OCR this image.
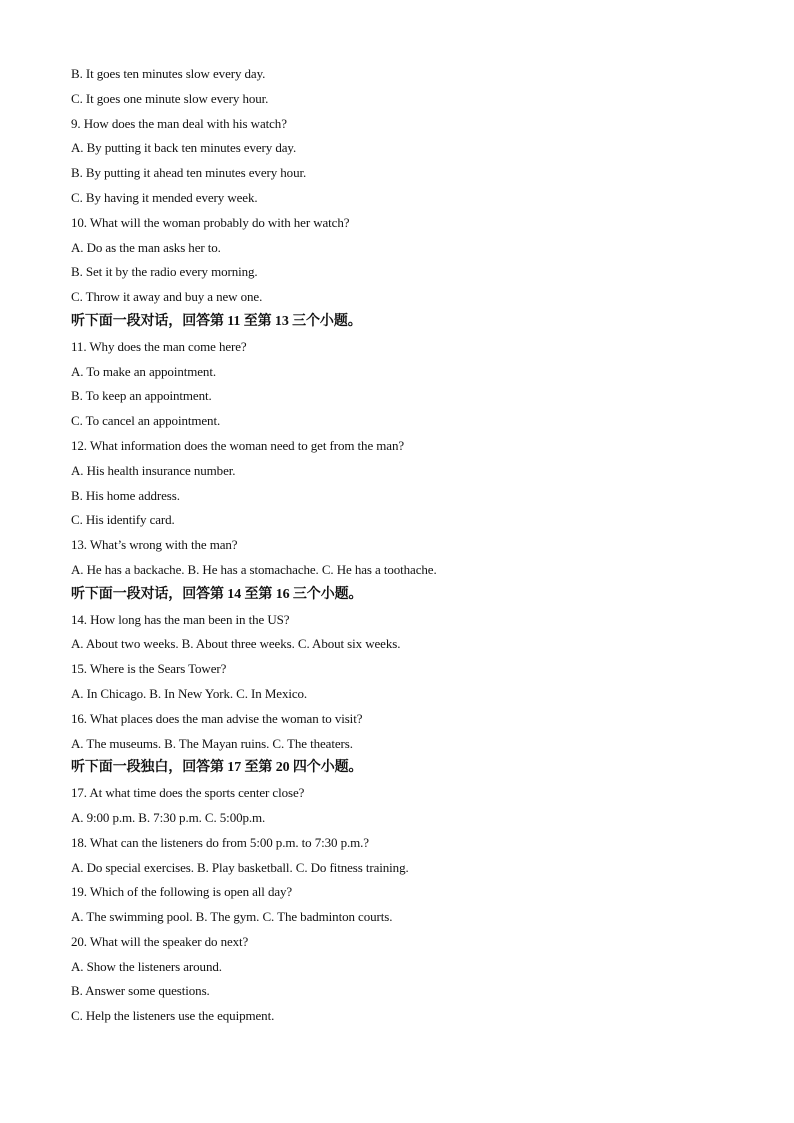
B. It goes ten minutes slow every day.
C. It goes one minute slow every hour.
9. How does the man deal with his watch?
A. By putting it back ten minutes every day.
B. By putting it ahead ten minutes every hour.
C. By having it mended every week.
10. What will the woman probably do with her watch?
A. Do as the man asks her to.
B. Set it by the radio every morning.
C. Throw it away and buy a new one.
听下面一段对话，回答第 11 至第 13 三个小题。
11. Why does the man come here?
A. To make an appointment.
B. To keep an appointment.
C. To cancel an appointment.
12. What information does the woman need to get from the man?
A. His health insurance number.
B. His home address.
C. His identify card.
13. What’s wrong with the man?
A. He has a backache. B. He has a stomachache. C. He has a toothache.
听下面一段对话，回答第 14 至第 16 三个小题。
14. How long has the man been in the US?
A. About two weeks. B. About three weeks. C. About six weeks.
15. Where is the Sears Tower?
A. In Chicago. B. In New York. C. In Mexico.
16. What places does the man advise the woman to visit?
A. The museums. B. The Mayan ruins. C. The theaters.
听下面一段独白，回答第 17 至第 20 四个小题。
17. At what time does the sports center close?
A. 9:00 p.m. B. 7:30 p.m. C. 5:00p.m.
18. What can the listeners do from 5:00 p.m. to 7:30 p.m.?
A. Do special exercises. B. Play basketball. C. Do fitness training.
19. Which of the following is open all day?
A. The swimming pool. B. The gym. C. The badminton courts.
20. What will the speaker do next?
A. Show the listeners around.
B. Answer some questions.
C. Help the listeners use the equipment.
